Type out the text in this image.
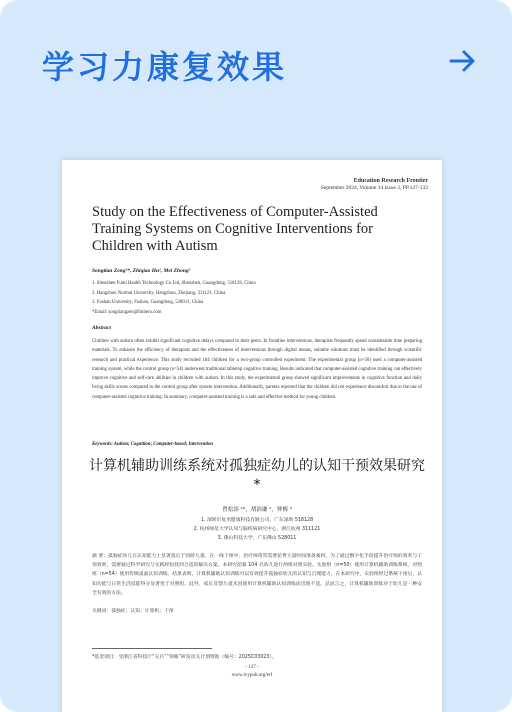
学习力康复效果
Education Research Frontier
September 2024, Volume 14 Issue 3, PP.127-132
Study on the Effectiveness of Computer-Assisted Training Systems on Cognitive Interventions for Children with Autism
Songtian Zeng¹*, Zhiqiao Hu², Mei Zhong³
1. Shenzhen Fumi Health Technology Co Ltd, Shenzhen, Guangdong, 518128, China
2. Hangzhou Normal University, Hangzhou, Zhejiang, 311121, China
3. Foshan University, Foshan, Guangdong, 528011, China
*Email: songtiangzen@fmhero.com
Abstract
Children with autism often exhibit significant cognitive delays compared to their peers. In frontline interventions, therapists frequently spend considerable time preparing materials. To enhance the efficiency of therapists and the effectiveness of interventions through digital means, suitable solutions must be identified through scientific research and practical experience. This study recruited 104 children for a two-group controlled experiment. The experimental group (n=50) used a computer-assisted training system, while the control group (n=54) underwent traditional tabletop cognitive training. Results indicated that computer-assisted cognitive training can effectively improve cognitive and self-care abilities in children with autism. In this study, the experimental group showed significant improvements in cognitive function and daily living skills scores compared to the control group after system intervention. Additionally, parents reported that the children did not experience discomfort due to the use of computer-assisted cognitive training. In summary, computer-assisted training is a safe and effective method for young children.
Keywords: Autism; Cognition; Computer-based; Intervention
计算机辅助训练系统对孤独症幼儿的认知干预效果研究*
曾松添 ¹*，胡治谦 ²，钟梅 ³
1. 深圳市复米健康科技有限公司，广东深圳 518128
2. 杭州师范大学认知与脑疾病研究中心，浙江杭州 311121
3. 佛山科技大学，广东佛山 528011
摘 要：孤独症幼儿在认知能力上显著落后于同龄儿童。在一线干预中，治疗师常常需要花费大量时间准备素材。为了通过数字化手段提升治疗师的效率与干预效果，需要通过科学研究与实践经验找到合适的解决方案。本研究招募 104 名幼儿进行两组对照实验。实验组（n=50）使用计算机辅助训练系统，对照组（n=54）使用传统桌面认知训练。结果表明，计算机辅助认知训练可以有效提升孤独症幼儿的认知与自理能力。在本研究中，实验组经过系统干预后，认知功能与日常生活技能得分显著优于对照组。此外，家长反馈儿童未因使用计算机辅助认知训练而出现不适。总而言之，计算机辅助训练对于幼儿是一种安全有效的方法。
关键词：孤独症；认知；计算机；干预
*基金项目：受浙江省科技厅“尖兵”“领雁”研发攻关计划资助（编号：2025C03023）。
- 127 -
www.ivypub.org/erf
